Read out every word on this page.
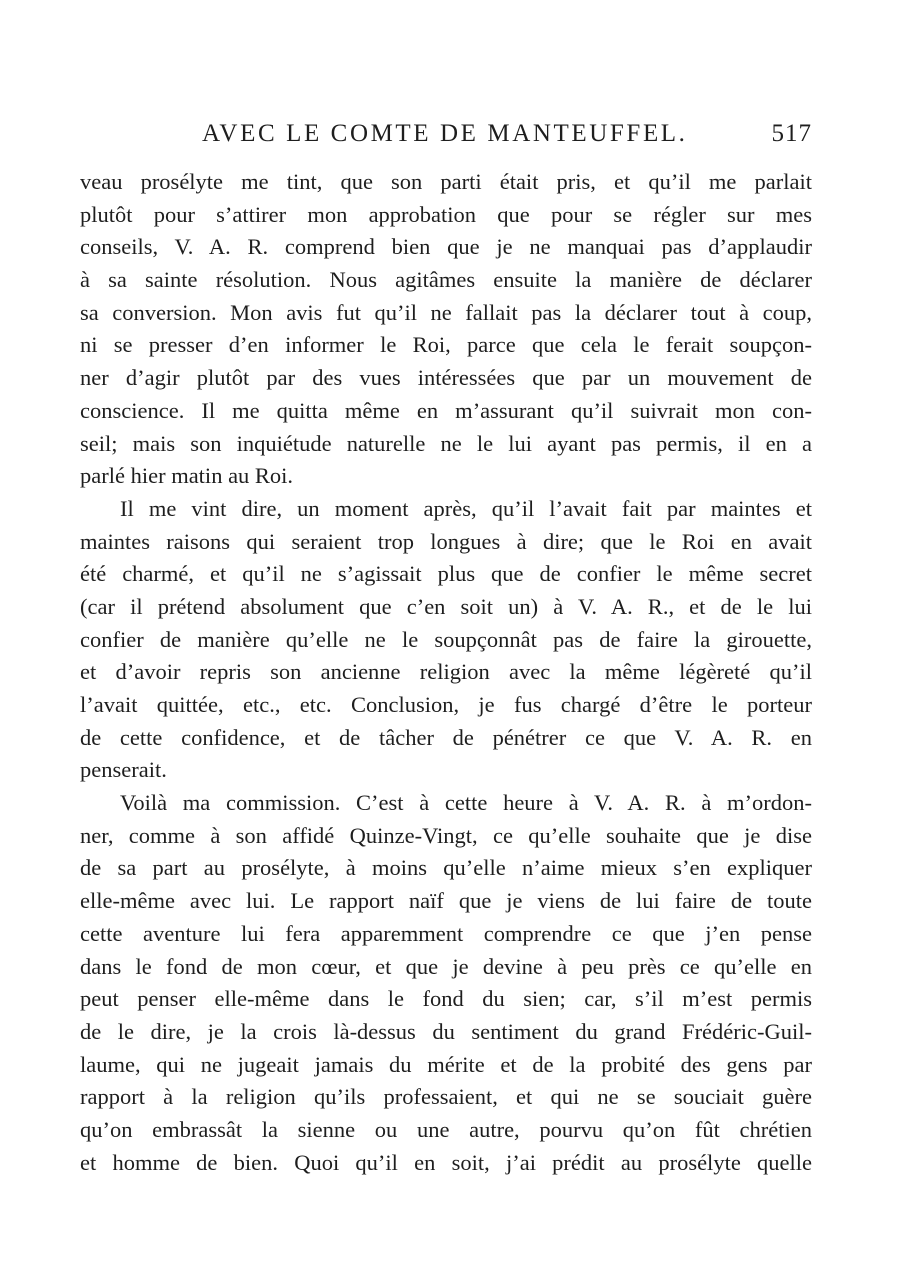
AVEC LE COMTE DE MANTEUFFEL.	517
veau prosélyte me tint, que son parti était pris, et qu’il me parlait
plutôt pour s’attirer mon approbation que pour se régler sur mes
conseils, V. A. R. comprend bien que je ne manquai pas d’applaudir
à sa sainte résolution. Nous agitâmes ensuite la manière de déclarer
sa conversion. Mon avis fut qu’il ne fallait pas la déclarer tout à coup,
ni se presser d’en informer le Roi, parce que cela le ferait soupçon-
ner d’agir plutôt par des vues intéressées que par un mouvement de
conscience. Il me quitta même en m’assurant qu’il suivrait mon con-
seil; mais son inquiétude naturelle ne le lui ayant pas permis, il en a
parlé hier matin au Roi.
Il me vint dire, un moment après, qu’il l’avait fait par maintes et
maintes raisons qui seraient trop longues à dire; que le Roi en avait
été charmé, et qu’il ne s’agissait plus que de confier le même secret
(car il prétend absolument que c’en soit un) à V. A. R., et de le lui
confier de manière qu’elle ne le soupçonnât pas de faire la girouette,
et d’avoir repris son ancienne religion avec la même légèreté qu’il
l’avait quittée, etc., etc. Conclusion, je fus chargé d’être le porteur
de cette confidence, et de tâcher de pénétrer ce que V. A. R. en
penserait.
Voilà ma commission. C’est à cette heure à V. A. R. à m’ordon-
ner, comme à son affidé Quinze-Vingt, ce qu’elle souhaite que je dise
de sa part au prosélyte, à moins qu’elle n’aime mieux s’en expliquer
elle-même avec lui. Le rapport naïf que je viens de lui faire de toute
cette aventure lui fera apparemment comprendre ce que j’en pense
dans le fond de mon cœur, et que je devine à peu près ce qu’elle en
peut penser elle-même dans le fond du sien; car, s’il m’est permis
de le dire, je la crois là-dessus du sentiment du grand Frédéric-Guil-
laume, qui ne jugeait jamais du mérite et de la probité des gens par
rapport à la religion qu’ils professaient, et qui ne se souciait guère
qu’on embrassât la sienne ou une autre, pourvu qu’on fût chrétien
et homme de bien. Quoi qu’il en soit, j’ai prédit au prosélyte quelle
